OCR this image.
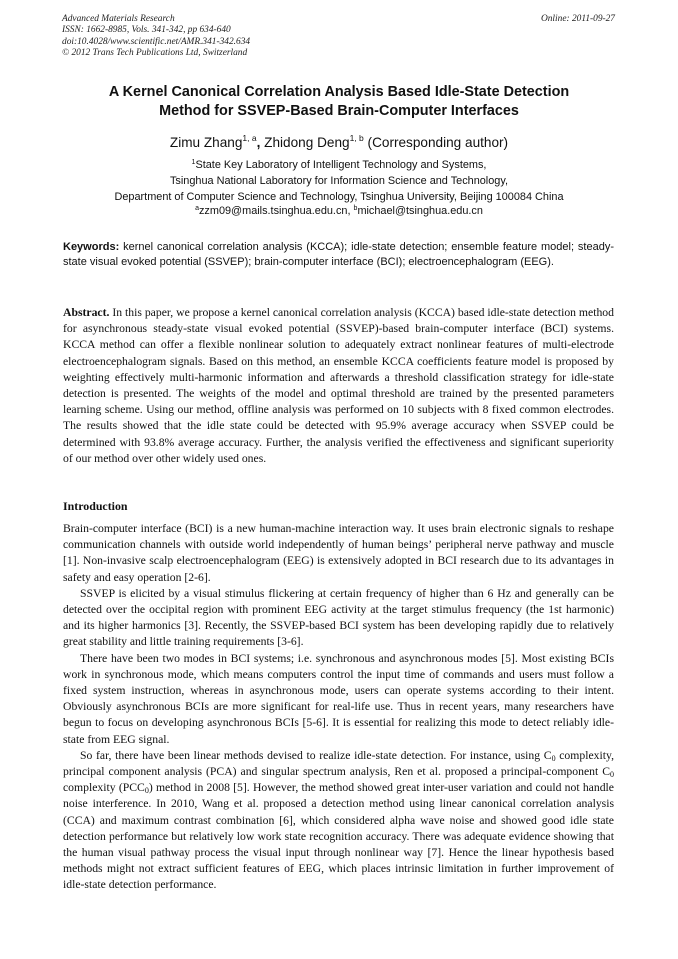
Advanced Materials Research
ISSN: 1662-8985, Vols. 341-342, pp 634-640
doi:10.4028/www.scientific.net/AMR.341-342.634
© 2012 Trans Tech Publications Ltd, Switzerland
Online: 2011-09-27
A Kernel Canonical Correlation Analysis Based Idle-State Detection
Method for SSVEP-Based Brain-Computer Interfaces
Zimu Zhang$^{1, a}$, Zhidong Deng$^{1, b}$ (Corresponding author)
$^1$State Key Laboratory of Intelligent Technology and Systems,
Tsinghua National Laboratory for Information Science and Technology,
Department of Computer Science and Technology, Tsinghua University, Beijing 100084 China
$^a$zzm09@mails.tsinghua.edu.cn, $^b$michael@tsinghua.edu.cn
Keywords: kernel canonical correlation analysis (KCCA); idle-state detection; ensemble feature model; steady-state visual evoked potential (SSVEP); brain-computer interface (BCI); electroencephalogram (EEG).
Abstract. In this paper, we propose a kernel canonical correlation analysis (KCCA) based idle-state detection method for asynchronous steady-state visual evoked potential (SSVEP)-based brain-computer interface (BCI) systems. KCCA method can offer a flexible nonlinear solution to adequately extract nonlinear features of multi-electrode electroencephalogram signals. Based on this method, an ensemble KCCA coefficients feature model is proposed by weighting effectively multi-harmonic information and afterwards a threshold classification strategy for idle-state detection is presented. The weights of the model and optimal threshold are trained by the presented parameters learning scheme. Using our method, offline analysis was performed on 10 subjects with 8 fixed common electrodes. The results showed that the idle state could be detected with 95.9% average accuracy when SSVEP could be determined with 93.8% average accuracy. Further, the analysis verified the effectiveness and significant superiority of our method over other widely used ones.
Introduction

Brain-computer interface (BCI) is a new human-machine interaction way. It uses brain electronic signals to reshape communication channels with outside world independently of human beings’ peripheral nerve pathway and muscle [1]. Non-invasive scalp electroencephalogram (EEG) is extensively adopted in BCI research due to its advantages in safety and easy operation [2-6].

SSVEP is elicited by a visual stimulus flickering at certain frequency of higher than 6 Hz and generally can be detected over the occipital region with prominent EEG activity at the target stimulus frequency (the 1st harmonic) and its higher harmonics [3]. Recently, the SSVEP-based BCI system has been developing rapidly due to relatively great stability and little training requirements [3-6].

There have been two modes in BCI systems; i.e. synchronous and asynchronous modes [5]. Most existing BCIs work in synchronous mode, which means computers control the input time of commands and users must follow a fixed system instruction, whereas in asynchronous mode, users can operate systems according to their intent. Obviously asynchronous BCIs are more significant for real-life use. Thus in recent years, many researchers have begun to focus on developing asynchronous BCIs [5-6]. It is essential for realizing this mode to detect reliably idle-state from EEG signal.

So far, there have been linear methods devised to realize idle-state detection. For instance, using $C_0$ complexity, principal component analysis (PCA) and singular spectrum analysis, Ren et al. proposed a principal-component $C_0$ complexity $(PCC_0)$ method in 2008 [5]. However, the method showed great inter-user variation and could not handle noise interference. In 2010, Wang et al. proposed a detection method using linear canonical correlation analysis (CCA) and maximum contrast combination [6], which considered alpha wave noise and showed good idle state detection performance but relatively low work state recognition accuracy. There was adequate evidence showing that the human visual pathway process the visual input through nonlinear way [7]. Hence the linear hypothesis based methods might not extract sufficient features of EEG, which places intrinsic limitation in further improvement of idle-state detection performance.
